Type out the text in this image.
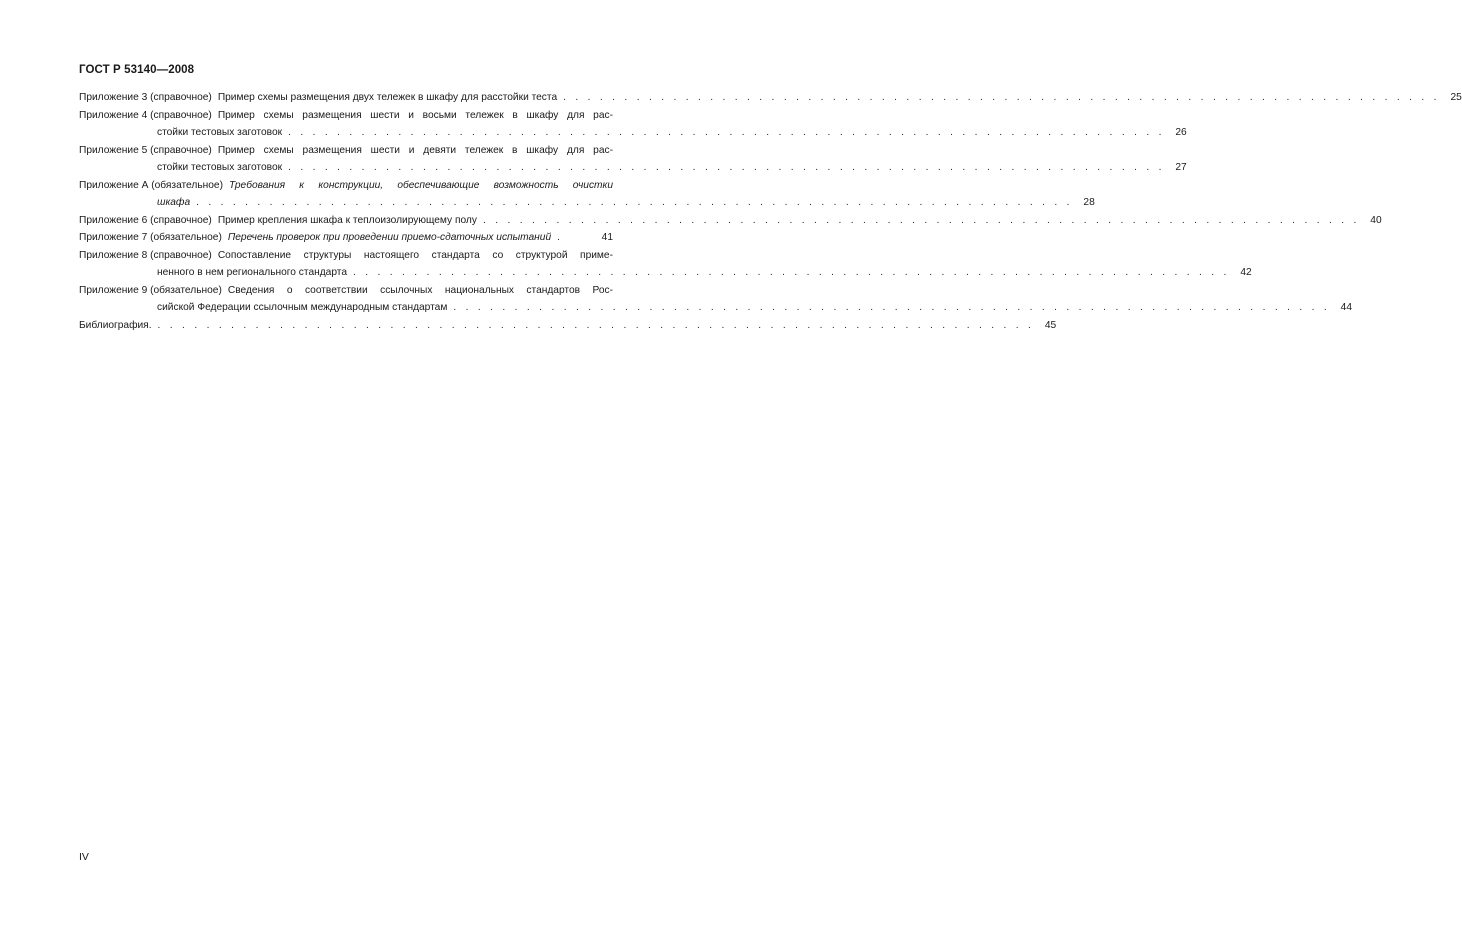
ГОСТ Р 53140—2008
Приложение 3 (справочное) Пример схемы размещения двух тележек в шкафу для расстойки теста . . . . . . . . . . . . . . . . . . . . . . . . . . . . . . . . . . . . . . . . . . . . . . . . . . . . . . . . . . . . . . . . . . . . . . . . 25
Приложение 4 (справочное) Пример схемы размещения шести и восьми тележек в шкафу для рас-
стойки тестовых заготовок . . . . . . . . . . . . . . . . . . . . . . . . . . . . . . . . . . . . . . . . . . . . . . . . . . . . . . . . . . . . . . . . . . . . . . . . 26
Приложение 5 (справочное) Пример схемы размещения шести и девяти тележек в шкафу для рас-
стойки тестовых заготовок . . . . . . . . . . . . . . . . . . . . . . . . . . . . . . . . . . . . . . . . . . . . . . . . . . . . . . . . . . . . . . . . . . . . . . . . 27
Приложение А (обязательное) Требования к конструкции, обеспечивающие возможность очистки
шкафа . . . . . . . . . . . . . . . . . . . . . . . . . . . . . . . . . . . . . . . . . . . . . . . . . . . . . . . . . . . . . . . . . . . . . . . . 28
Приложение 6 (справочное) Пример крепления шкафа к теплоизолирующему полу . . . . . . . . . . . . . . . . . . . . . . . . . . . . . . . . . . . . . . . . . . . . . . . . . . . . . . . . . . . . . . . . . . . . . . . . 40
Приложение 7 (обязательное) Перечень проверок при проведении приемо-сдаточных испытаний .	41
Приложение 8 (справочное) Сопоставление структуры настоящего стандарта со структурой приме-
ненного в нем регионального стандарта . . . . . . . . . . . . . . . . . . . . . . . . . . . . . . . . . . . . . . . . . . . . . . . . . . . . . . . . . . . . . . . . . . . . . . . . 42
Приложение 9 (обязательное) Сведения о соответствии ссылочных национальных стандартов Рос-
сийской Федерации ссылочным международным стандартам . . . . . . . . . . . . . . . . . . . . . . . . . . . . . . . . . . . . . . . . . . . . . . . . . . . . . . . . . . . . . . . . . . . . . . . . 44
Библиография. . . . . . . . . . . . . . . . . . . . . . . . . . . . . . . . . . . . . . . . . . . . . . . . . . . . . . . . . . . . . . . . . . . . . . . . . 45
IV
